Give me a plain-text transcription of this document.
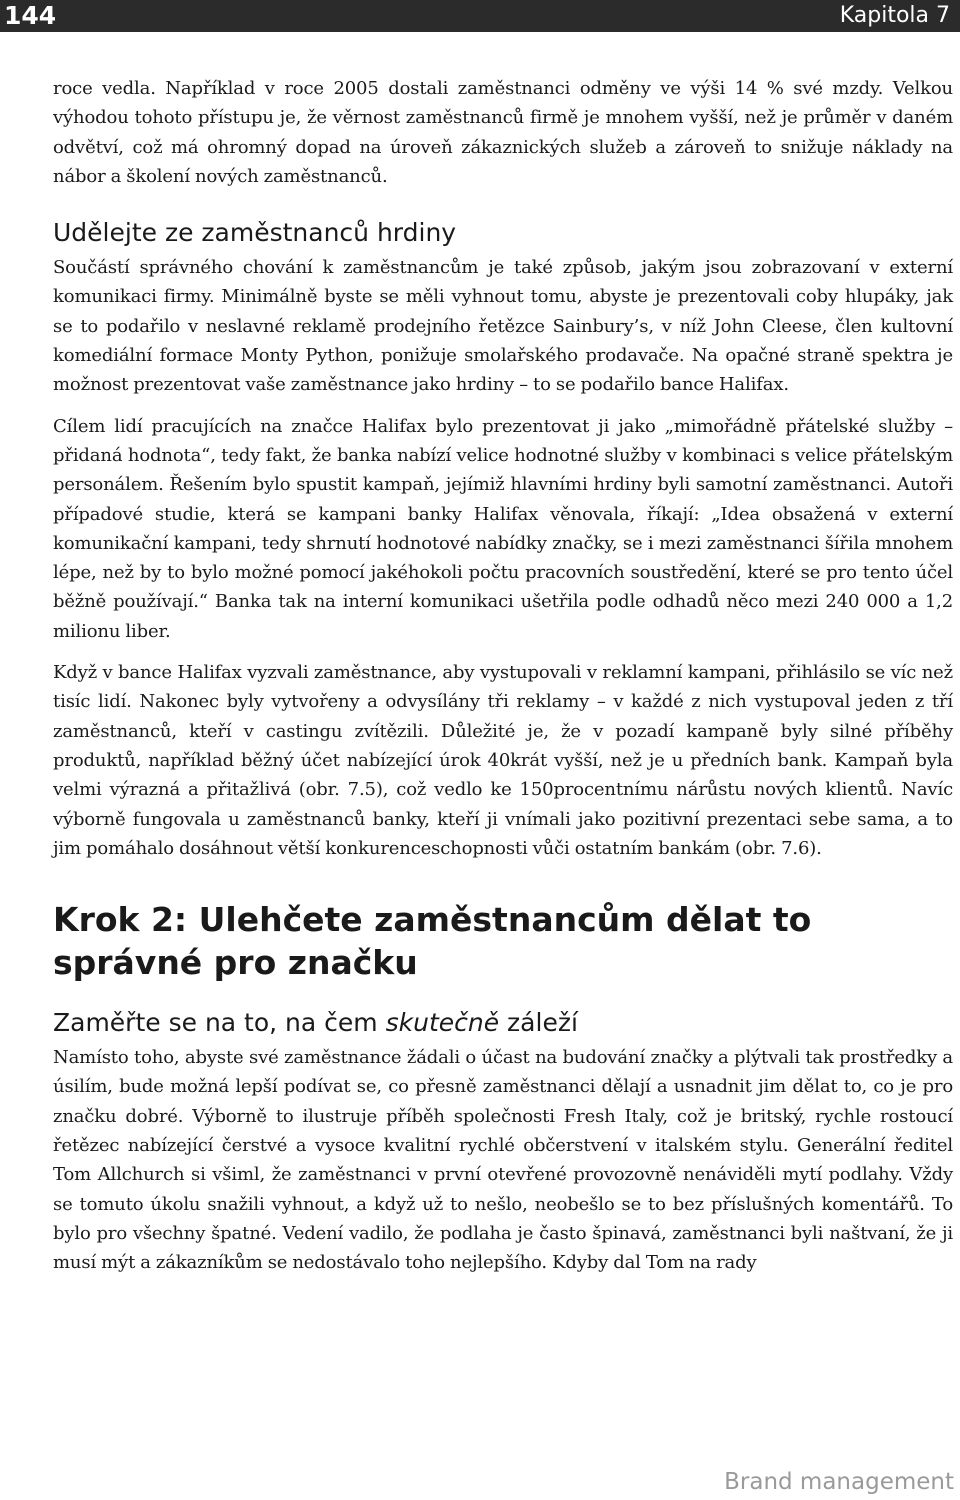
144	Kapitola 7

roce vedla. Například v roce 2005 dostali zaměstnanci odměny ve výši 14 % své mzdy. Velkou výhodou tohoto přístupu je, že věrnost zaměstnanců firmě je mnohem vyšší, než je průměr v daném odvětví, což má ohromný dopad na úroveň zákaznických služeb a zároveň to snižuje náklady na nábor a školení nových zaměstnanců.

Udělejte ze zaměstnanců hrdiny

Součástí správného chování k zaměstnancům je také způsob, jakým jsou zobrazovaní v externí komunikaci firmy. Minimálně byste se měli vyhnout tomu, abyste je prezentovali coby hlupáky, jak se to podařilo v neslavné reklamě prodejního řetězce Sainbury’s, v níž John Cleese, člen kultovní komediální formace Monty Python, ponižuje smolařského prodavače. Na opačné straně spektra je možnost prezentovat vaše zaměstnance jako hrdiny – to se podařilo bance Halifax.

Cílem lidí pracujících na značce Halifax bylo prezentovat ji jako „mimořádně přátelské služby – přidaná hodnota“, tedy fakt, že banka nabízí velice hodnotné služby v kombinaci s velice přátelským personálem. Řešením bylo spustit kampaň, jejímiž hlavními hrdiny byli samotní zaměstnanci. Autoři případové studie, která se kampani banky Halifax věnovala, říkají: „Idea obsažená v externí komunikační kampani, tedy shrnutí hodnotové nabídky značky, se i mezi zaměstnanci šířila mnohem lépe, než by to bylo možné pomocí jakéhokoli počtu pracovních soustředění, které se pro tento účel běžně používají.“ Banka tak na interní komunikaci ušetřila podle odhadů něco mezi 240 000 a 1,2 milionu liber.

Když v bance Halifax vyzvali zaměstnance, aby vystupovali v reklamní kampani, přihlásilo se víc než tisíc lidí. Nakonec byly vytvořeny a odvysílány tři reklamy – v každé z nich vystupoval jeden z tří zaměstnanců, kteří v castingu zvítězili. Důležité je, že v pozadí kampaně byly silné příběhy produktů, například běžný účet nabízející úrok 40krát vyšší, než je u předních bank. Kampaň byla velmi výrazná a přitažlivá (obr. 7.5), což vedlo ke 150procentnímu nárůstu nových klientů. Navíc výborně fungovala u zaměstnanců banky, kteří ji vnímali jako pozitivní prezentaci sebe sama, a to jim pomáhalo dosáhnout větší konkurenceschopnosti vůči ostatním bankám (obr. 7.6).

Krok 2: Ulehčete zaměstnancům dělat to
správné pro značku
Zaměřte se na to, na čem skutečně záleží

Namísto toho, abyste své zaměstnance žádali o účast na budování značky a plýtvali tak prostředky a úsilím, bude možná lepší podívat se, co přesně zaměstnanci dělají a usnadnit jim dělat to, co je pro značku dobré. Výborně to ilustruje příběh společnosti Fresh Italy, což je britský, rychle rostoucí řetězec nabízející čerstvé a vysoce kvalitní rychlé občerstvení v italském stylu. Generální ředitel Tom Allchurch si všiml, že zaměstnanci v první otevřené provozovně nenáviděli mytí podlahy. Vždy se tomuto úkolu snažili vyhnout, a když už to nešlo, neobešlo se to bez příslušných komentářů. To bylo pro všechny špatné. Vedení vadilo, že podlaha je často špinavá, zaměstnanci byli naštvaní, že ji musí mýt a zákazníkům se nedostávalo toho nejlepšího. Kdyby dal Tom na rady

Brand management
